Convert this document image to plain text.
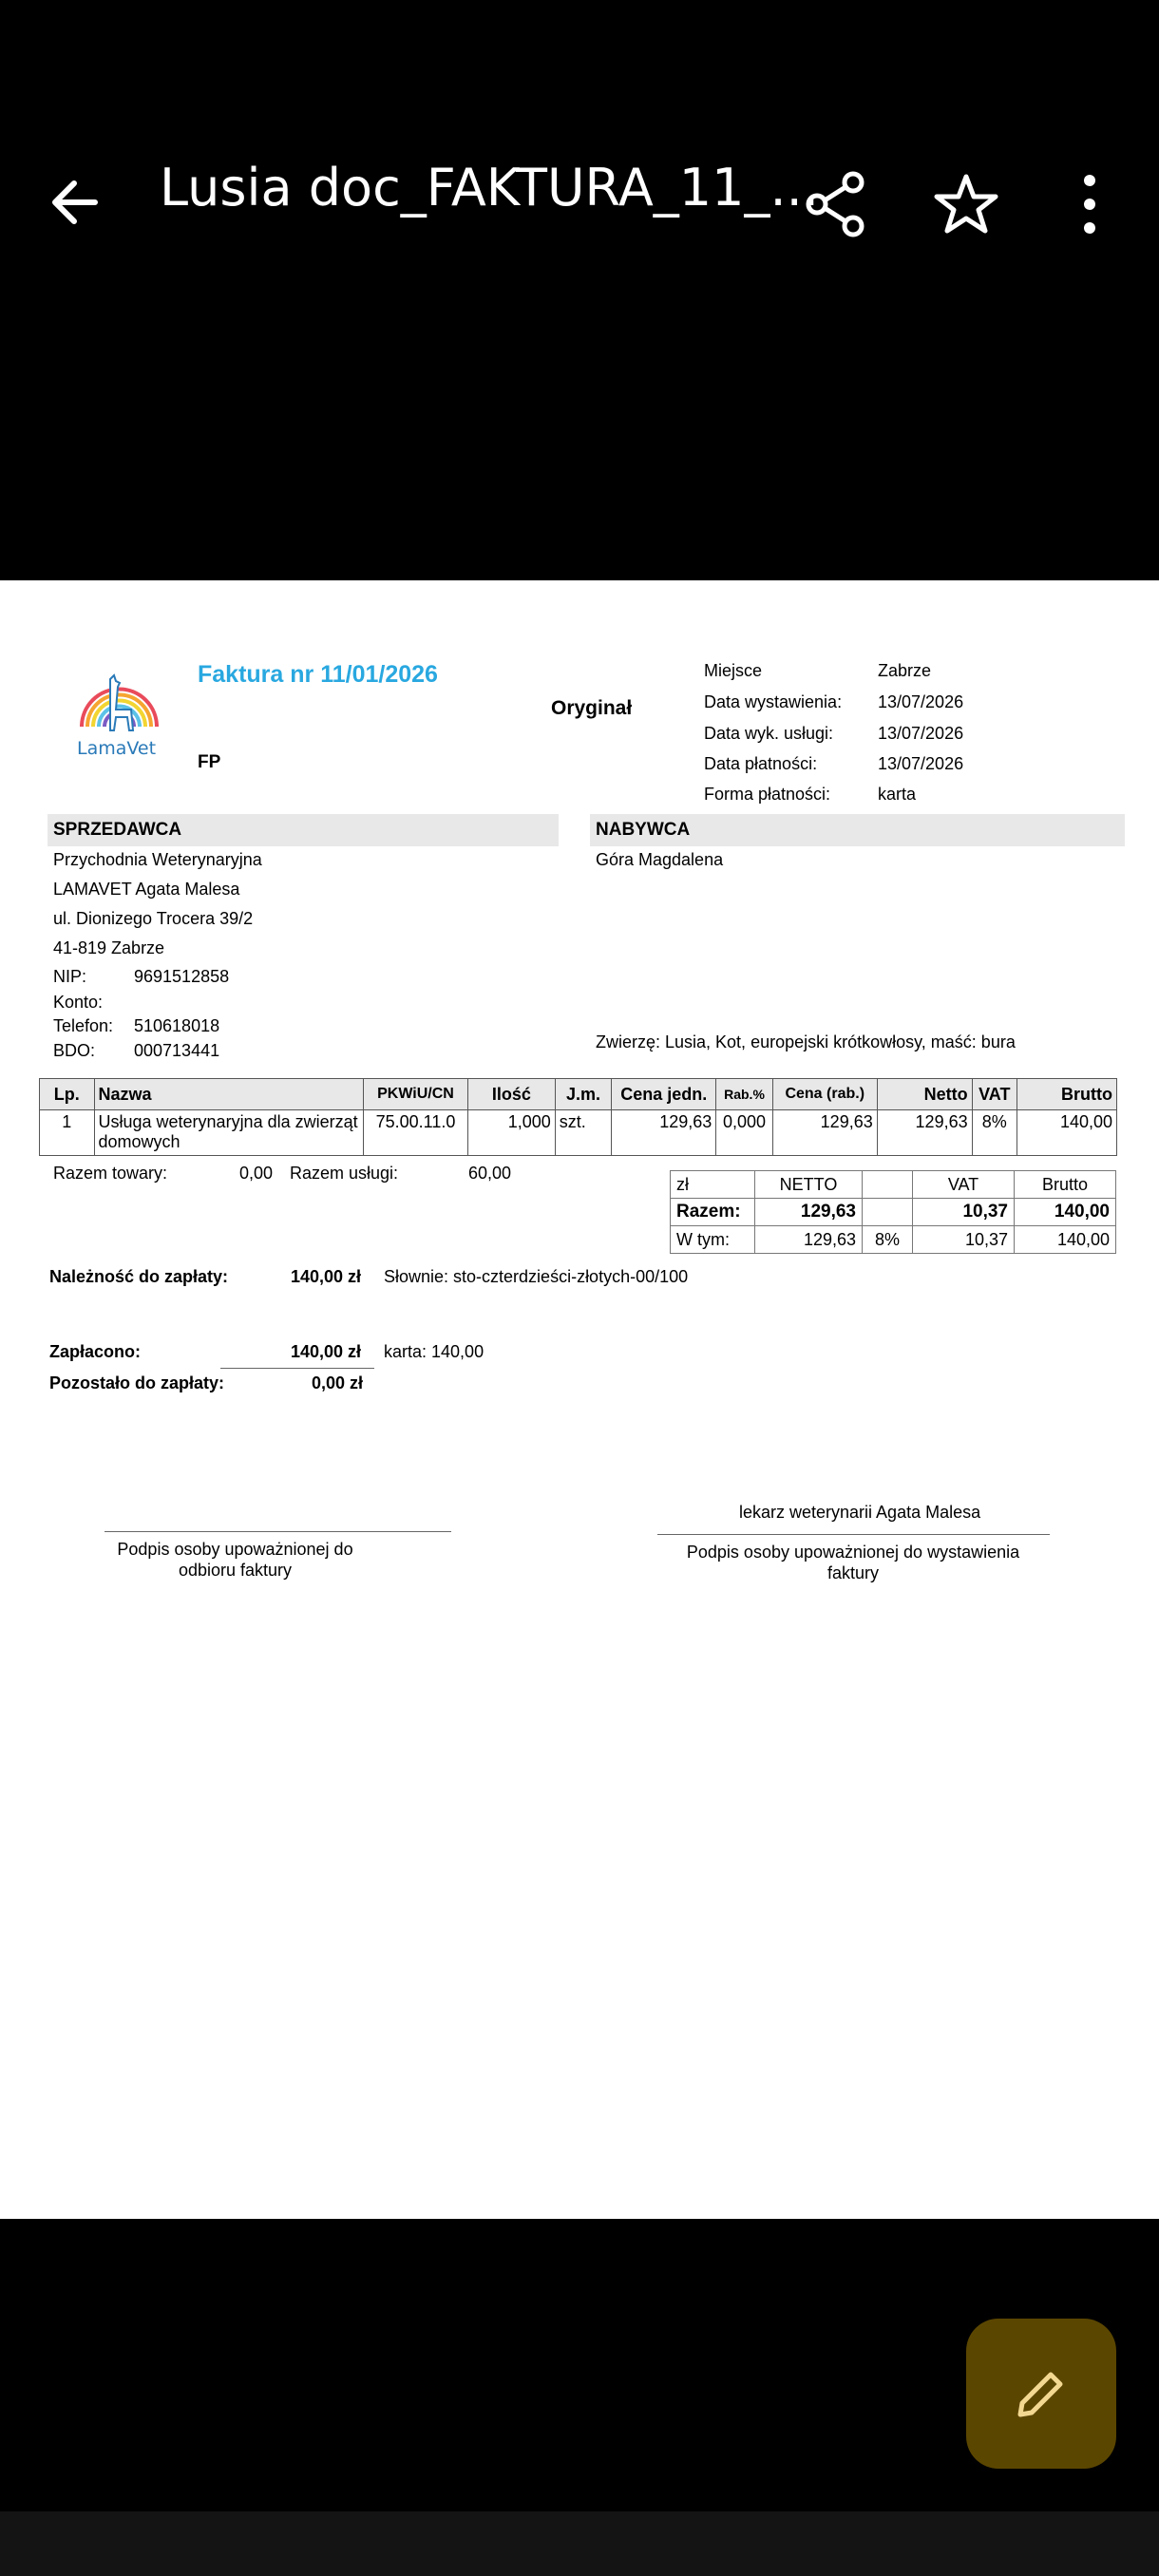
Lusia doc_FAKTURA_11_...
LamaVet
Faktura nr 11/01/2026
Oryginał
FP
Miejsce	Zabrze
Data wystawienia: 13/07/2026
Data wyk. usługi:	13/07/2026
Data płatności:	13/07/2026
Forma płatności:	karta
SPRZEDAWCA
Przychodnia Weterynaryjna
LAMAVET Agata Malesa
ul. Dionizego Trocera 39/2
41-819 Zabrze
NIP:	9691512858
Konto:
Telefon: 510618018
BDO: 000713441
NABYWCA
Góra Magdalena
Zwierzę: Lusia, Kot, europejski krótkowłosy, maść: bura
Lp.	Nazwa	PKWiU/CN	Ilość	J.m.	Cena jedn.	Rab.%	Cena (rab.)	Netto	VAT	Brutto
1	Usługa weterynaryjna dla zwierząt domowych	75.00.11.0	1,000	szt.	129,63	0,000	129,63	129,63	8%	140,00
Razem towary:	0,00 Razem usługi:	60,00
zł	NETTO		VAT	Brutto
Razem:	129,63		10,37	140,00
W tym:	129,63	8%	10,37	140,00
Należność do zapłaty:	140,00 zł Słownie: sto-czterdzieści-złotych-00/100
Zapłacono:	140,00 zł karta: 140,00
Pozostało do zapłaty:	0,00 zł
lekarz weterynarii Agata Malesa
Podpis osoby upoważnionej do odbioru faktury
Podpis osoby upoważnionej do wystawienia faktury
